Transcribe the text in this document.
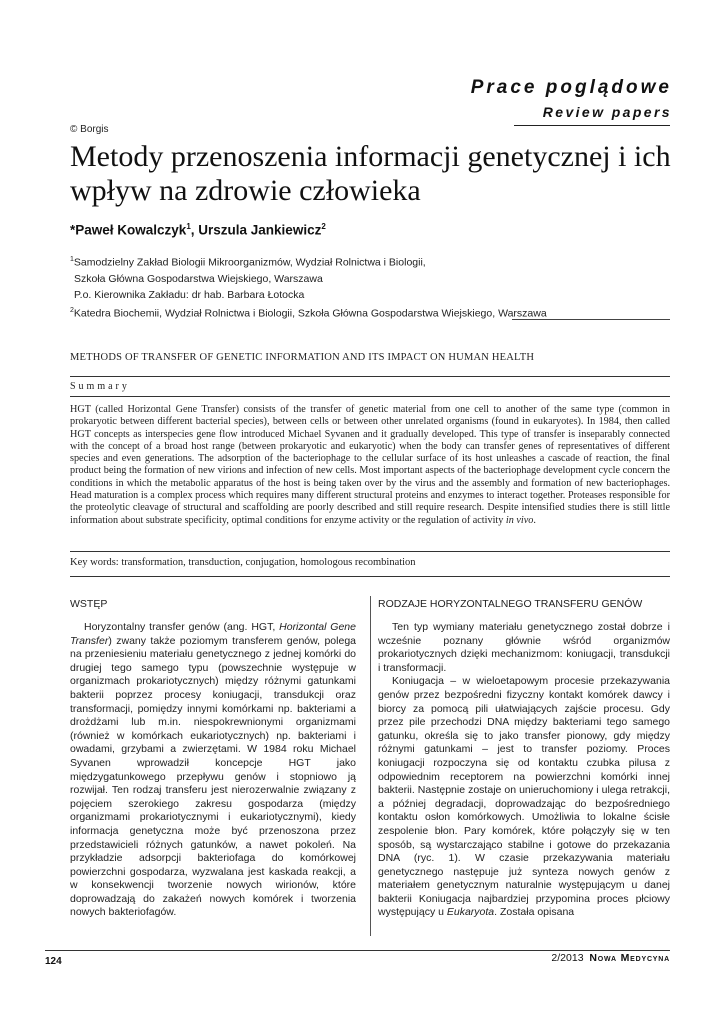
Prace poglądowe
Review papers
© Borgis
Metody przenoszenia informacji genetycznej i ich wpływ na zdrowie człowieka
*Paweł Kowalczyk$^1$, Urszula Jankiewicz$^2$
$^1$Samodzielny Zakład Biologii Mikroorganizmów, Wydział Rolnictwa i Biologii,
Szkoła Główna Gospodarstwa Wiejskiego, Warszawa
P.o. Kierownika Zakładu: dr hab. Barbara Łotocka
$^2$Katedra Biochemii, Wydział Rolnictwa i Biologii, Szkoła Główna Gospodarstwa Wiejskiego, Warszawa
METHODS OF TRANSFER OF GENETIC INFORMATION AND ITS IMPACT ON HUMAN HEALTH
Summary
HGT (called Horizontal Gene Transfer) consists of the transfer of genetic material from one cell to another of the same type (common in prokaryotic between different bacterial species), between cells or between other unrelated organisms (found in eukaryotes). In 1984, then called HGT concepts as interspecies gene flow introduced Michael Syvanen and it gradually developed. This type of transfer is inseparably connected with the concept of a broad host range (between prokaryotic and eukaryotic) when the body can transfer genes of representatives of different species and even generations. The adsorption of the bacteriophage to the cellular surface of its host unleashes a cascade of reaction, the final product being the formation of new virions and infection of new cells. Most important aspects of the bacteriophage development cycle concern the conditions in which the metabolic apparatus of the host is being taken over by the virus and the assembly and formation of new bacteriophages. Head maturation is a complex process which requires many different structural proteins and enzymes to interact together. Proteases responsible for the proteolytic cleavage of structural and scaffolding are poorly described and still require research. Despite intensified studies there is still little information about substrate specificity, optimal conditions for enzyme activity or the regulation of activity in vivo.
Key words: transformation, transduction, conjugation, homologous recombination
WSTĘP

Horyzontalny transfer genów (ang. HGT, Horizontal Gene Transfer) zwany także poziomym transferem genów, polega na przeniesieniu materiału genetycznego z jednej komórki do drugiej tego samego typu (powszechnie występuje w organizmach prokariotycznych) między różnymi gatunkami bakterii poprzez procesy koniugacji, transdukcji oraz transformacji, pomiędzy innymi komórkami np. bakteriami a drożdżami lub m.in. niespokrewnionymi organizmami (również w komórkach eukariotycznych) np. bakteriami i owadami, grzybami a zwierzętami. W 1984 roku Michael Syvanen wprowadził koncepcje HGT jako międzygatunkowego przepływu genów i stopniowo ją rozwijał. Ten rodzaj transferu jest nierozerwalnie związany z pojęciem szerokiego zakresu gospodarza (między organizmami prokariotycznymi i eukariotycznymi), kiedy informacja genetyczna może być przenoszona przez przedstawicieli różnych gatunków, a nawet pokoleń. Na przykładzie adsorpcji bakteriofaga do komórkowej powierzchni gospodarza, wyzwalana jest kaskada reakcji, a w konsekwencji tworzenie nowych wirionów, które doprowadzają do zakażeń nowych komórek i tworzenia nowych bakteriofagów.

RODZAJE HORYZONTALNEGO TRANSFERU GENÓW

Ten typ wymiany materiału genetycznego został dobrze i wcześnie poznany głównie wśród organizmów prokariotycznych dzięki mechanizmom: koniugacji, transdukcji i transformacji.

Koniugacja – w wieloetapowym procesie przekazywania genów przez bezpośredni fizyczny kontakt komórek dawcy i biorcy za pomocą pili ułatwiających zajście procesu. Gdy przez pile przechodzi DNA między bakteriami tego samego gatunku, określa się to jako transfer pionowy, gdy między różnymi gatunkami – jest to transfer poziomy. Proces koniugacji rozpoczyna się od kontaktu czubka pilusa z odpowiednim receptorem na powierzchni komórki innej bakterii. Następnie zostaje on unieruchomiony i ulega retrakcji, a później degradacji, doprowadzając do bezpośredniego kontaktu osłon komórkowych. Umożliwia to lokalne ścisłe zespolenie błon. Pary komórek, które połączyły się w ten sposób, są wystarczająco stabilne i gotowe do przekazania DNA (ryc. 1). W czasie przekazywania materiału genetycznego następuje już synteza nowych genów z materiałem genetycznym naturalnie występującym u danej bakterii Koniugacja najbardziej przypomina proces płciowy występujący u Eukaryota. Została opisana

124	2/2013 Nowa Medycyna
